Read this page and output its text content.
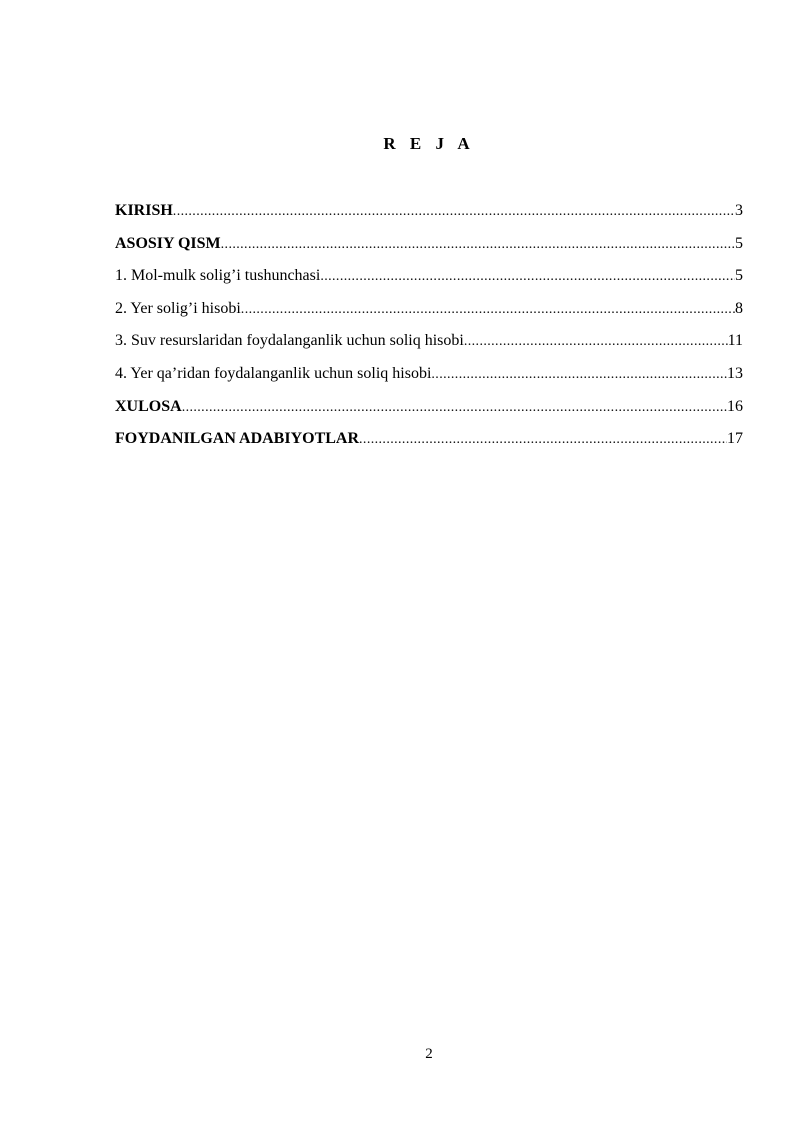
R E J A
KIRISH .....	3
ASOSIY QISM .....	5
1. Mol-mulk solig’i tushunchasi .....	5
2. Yer solig’i hisobi .....	8
3. Suv resurslaridan foydalanganlik uchun soliq hisobi .....	11
4. Yer qa’ridan foydalanganlik uchun soliq hisobi .....	13
XULOSA .....	16
FOYDANILGAN ADABIYOTLAR .....	17
2
